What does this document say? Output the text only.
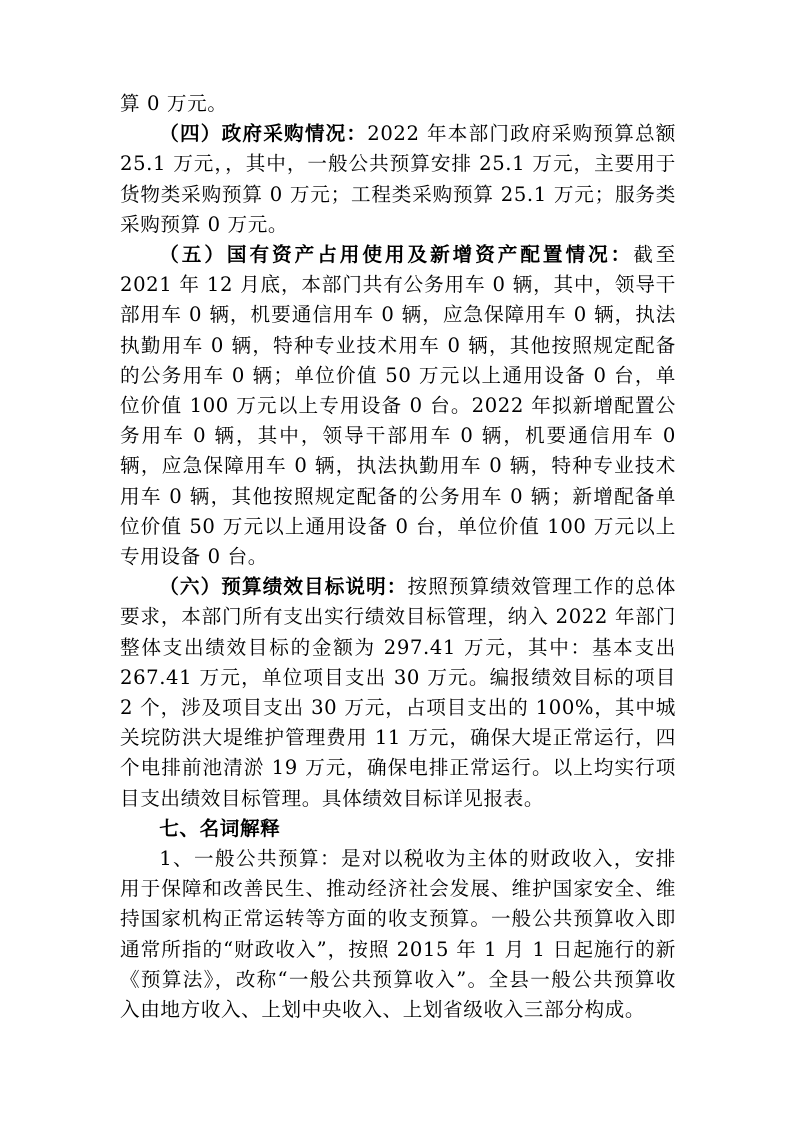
算 0 万元。

（四）政府采购情况：2022 年本部门政府采购预算总额 25.1 万元，，其中，一般公共预算安排 25.1 万元，主要用于货物类采购预算 0 万元；工程类采购预算 25.1 万元；服务类采购预算 0 万元。

（五）国有资产占用使用及新增资产配置情况：截至 2021 年 12 月底，本部门共有公务用车 0 辆，其中，领导干部用车 0 辆，机要通信用车 0 辆，应急保障用车 0 辆，执法执勤用车 0 辆，特种专业技术用车 0 辆，其他按照规定配备的公务用车 0 辆；单位价值 50 万元以上通用设备 0 台，单位价值 100 万元以上专用设备 0 台。2022 年拟新增配置公务用车 0 辆，其中，领导干部用车 0 辆，机要通信用车 0 辆，应急保障用车 0 辆，执法执勤用车 0 辆，特种专业技术用车 0 辆，其他按照规定配备的公务用车 0 辆；新增配备单位价值 50 万元以上通用设备 0 台，单位价值 100 万元以上专用设备 0 台。

（六）预算绩效目标说明：按照预算绩效管理工作的总体要求，本部门所有支出实行绩效目标管理，纳入 2022 年部门整体支出绩效目标的金额为 297.41 万元，其中：基本支出 267.41 万元，单位项目支出 30 万元。编报绩效目标的项目 2 个，涉及项目支出 30 万元，占项目支出的 100%，其中城关垸防洪大堤维护管理费用 11 万元，确保大堤正常运行，四个电排前池清淤 19 万元，确保电排正常运行。以上均实行项目支出绩效目标管理。具体绩效目标详见报表。

七、名词解释

1、一般公共预算：是对以税收为主体的财政收入，安排用于保障和改善民生、推动经济社会发展、维护国家安全、维持国家机构正常运转等方面的收支预算。一般公共预算收入即通常所指的“财政收入”，按照 2015 年 1 月 1 日起施行的新《预算法》，改称“一般公共预算收入”。全县一般公共预算收入由地方收入、上划中央收入、上划省级收入三部分构成。
